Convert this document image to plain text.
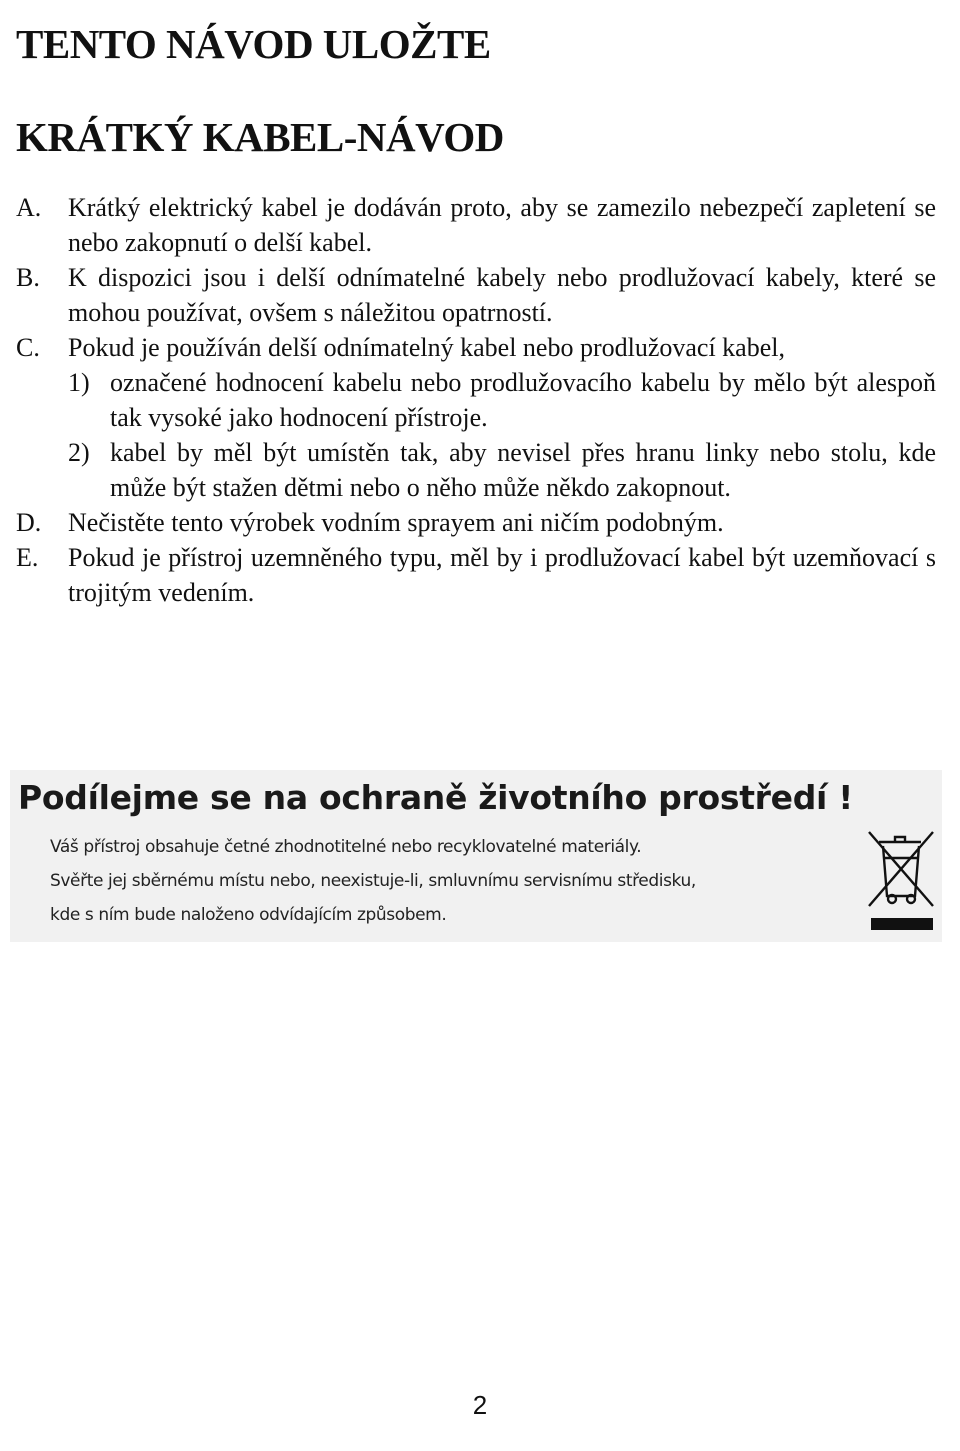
TENTO NÁVOD ULOŽTE
KRÁTKÝ KABEL-NÁVOD
A.	Krátký elektrický kabel je dodáván proto, aby se zamezilo nebezpečí zapletení se nebo zakopnutí o delší kabel.
B.	K dispozici jsou i delší odnímatelné kabely nebo prodlužovací kabely, které se mohou používat, ovšem s náležitou opatrností.
C.	Pokud je používán delší odnímatelný kabel nebo prodlužovací kabel,
1) označené hodnocení kabelu nebo prodlužovacího kabelu by mělo být alespoň tak vysoké jako hodnocení přístroje.
2) kabel by měl být umístěn tak, aby nevisel přes hranu linky nebo stolu, kde může být stažen dětmi nebo o něho může někdo zakopnout.
D.	Nečistěte tento výrobek vodním sprayem ani ničím podobným.
E.	Pokud je přístroj uzemněného typu, měl by i prodlužovací kabel být uzemňovací s trojitým vedením.
Podílejme se na ochraně životního prostředí !
Váš přístroj obsahuje četné zhodnotitelné nebo recyklovatelné materiály.
Svěřte jej sběrnému místu nebo, neexistuje-li, smluvnímu servisnímu středisku,
kde s ním bude naloženo odvídajícím způsobem.
2
